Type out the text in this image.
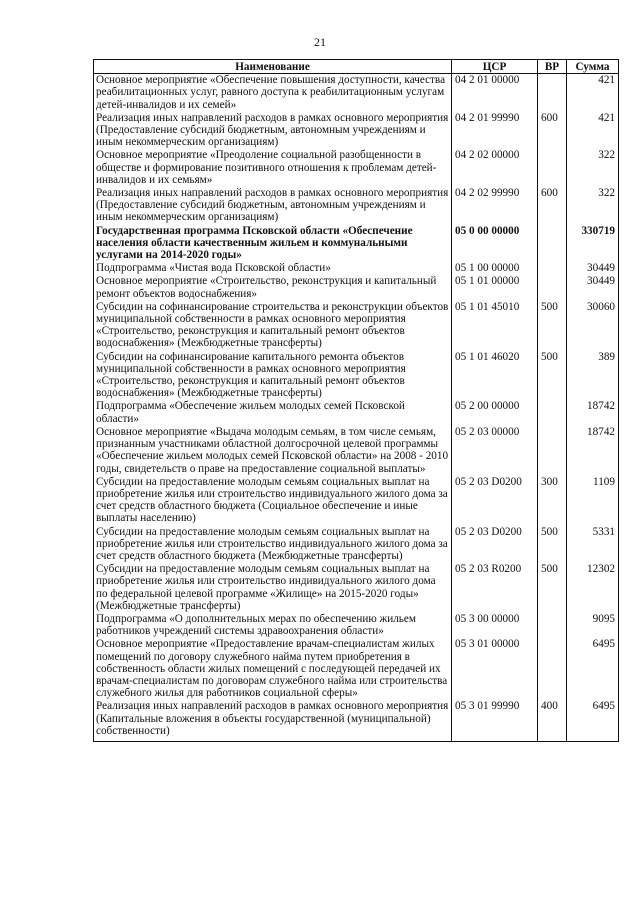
21
Наименование	ЦСР	ВР	Сумма
Основное мероприятие «Обеспечение повышения доступности, качества реабилитационных услуг, равного доступа к реабилитационным услугам детей-инвалидов и их семей»	04 2 01 00000		421
Реализация иных направлений расходов в рамках основного мероприятия (Предоставление субсидий бюджетным, автономным учреждениям и иным некоммерческим организациям)	04 2 01 99990	600	421
Основное мероприятие «Преодоление социальной разобщенности в обществе и формирование позитивного отношения к проблемам детей-инвалидов и их семьям»	04 2 02 00000		322
Реализация иных направлений расходов в рамках основного мероприятия (Предоставление субсидий бюджетным, автономным учреждениям и иным некоммерческим организациям)	04 2 02 99990	600	322
Государственная программа Псковской области «Обеспечение населения области качественным жильем и коммунальными услугами на 2014-2020 годы»	05 0 00 00000		330719
Подпрограмма «Чистая вода Псковской области»	05 1 00 00000		30449
Основное мероприятие «Строительство, реконструкция и капитальный ремонт объектов водоснабжения»	05 1 01 00000		30449
Субсидии на софинансирование строительства и реконструкции объектов муниципальной собственности в рамках основного мероприятия «Строительство, реконструкция и капитальный ремонт объектов водоснабжения» (Межбюджетные трансферты)	05 1 01 45010	500	30060
Субсидии на софинансирование капитального ремонта объектов муниципальной собственности в рамках основного мероприятия «Строительство, реконструкция и капитальный ремонт объектов водоснабжения» (Межбюджетные трансферты)	05 1 01 46020	500	389
Подпрограмма «Обеспечение жильем молодых семей Псковской области»	05 2 00 00000		18742
Основное мероприятие «Выдача молодым семьям, в том числе семьям, признанным участниками областной долгосрочной целевой программы «Обеспечение жильем молодых семей Псковской области» на 2008 - 2010 годы, свидетельств о праве на предоставление социальной выплаты»	05 2 03 00000		18742
Субсидии на предоставление молодым семьям социальных выплат на приобретение жилья или строительство индивидуального жилого дома за счет средств областного бюджета (Социальное обеспечение и иные выплаты населению)	05 2 03 D0200	300	1109
Субсидии на предоставление молодым семьям социальных выплат на приобретение жилья или строительство индивидуального жилого дома за счет средств областного бюджета (Межбюджетные трансферты)	05 2 03 D0200	500	5331
Субсидии на предоставление молодым семьям социальных выплат на приобретение жилья или строительство индивидуального жилого дома по федеральной целевой программе «Жилище» на 2015-2020 годы» (Межбюджетные трансферты)	05 2 03 R0200	500	12302
Подпрограмма «О дополнительных мерах по обеспечению жильем работников учреждений системы здравоохранения области»	05 3 00 00000		9095
Основное мероприятие «Предоставление врачам-специалистам жилых помещений по договору служебного найма путем приобретения в собственность области жилых помещений с последующей передачей их врачам-специалистам по договорам служебного найма или строительства служебного жилья для работников социальной сферы»	05 3 01 00000		6495
Реализация иных направлений расходов в рамках основного мероприятия (Капитальные вложения в объекты государственной (муниципальной) собственности)	05 3 01 99990	400	6495
